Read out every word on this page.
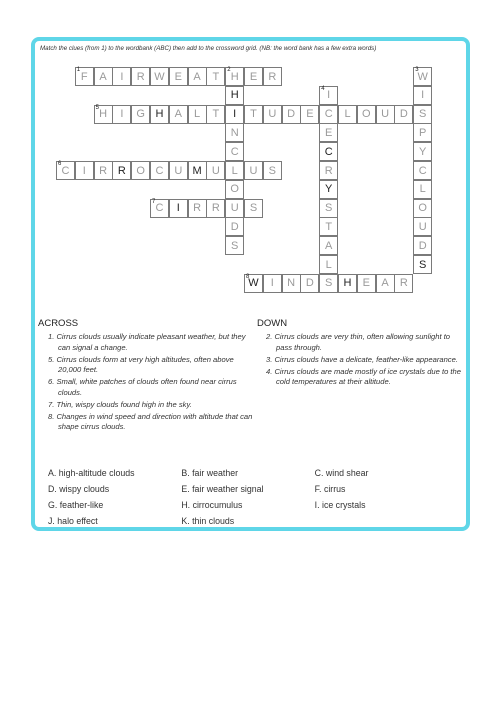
Match the clues (from 1) to the wordbank (ABC) then add to the crossword grid. (NB: the word bank has a few extra words)
F
1
A I R W E A T H
2
E R
H
I
N
C
L
O
U
D
S
W
3
I
S
P
Y
C
L
O
U
D
S
I
4
C
E
C
R
Y
S
T
A
L
S
H
5
I G H A L T	T U D E	L O U D
C
6
I R R O C U M U	U S
C
7
I R R	S
W
8
I N D	H E A R
ACROSS
1. Cirrus clouds usually indicate pleasant weather, but they can signal a change.
5. Cirrus clouds form at very high altitudes, often above 20,000 feet.
6. Small, white patches of clouds often found near cirrus clouds.
7. Thin, wispy clouds found high in the sky.
8. Changes in wind speed and direction with altitude that can shape cirrus clouds.
DOWN
2. Cirrus clouds are very thin, often allowing sunlight to pass through.
3. Cirrus clouds have a delicate, feather-like appearance.
4. Cirrus clouds are made mostly of ice crystals due to the cold temperatures at their altitude.
A. high-altitude clouds	B. fair weather	C. wind shear
D. wispy clouds	E. fair weather signal	F. cirrus
G. feather-like	H. cirrocumulus	I. ice crystals
J. halo effect	K. thin clouds
